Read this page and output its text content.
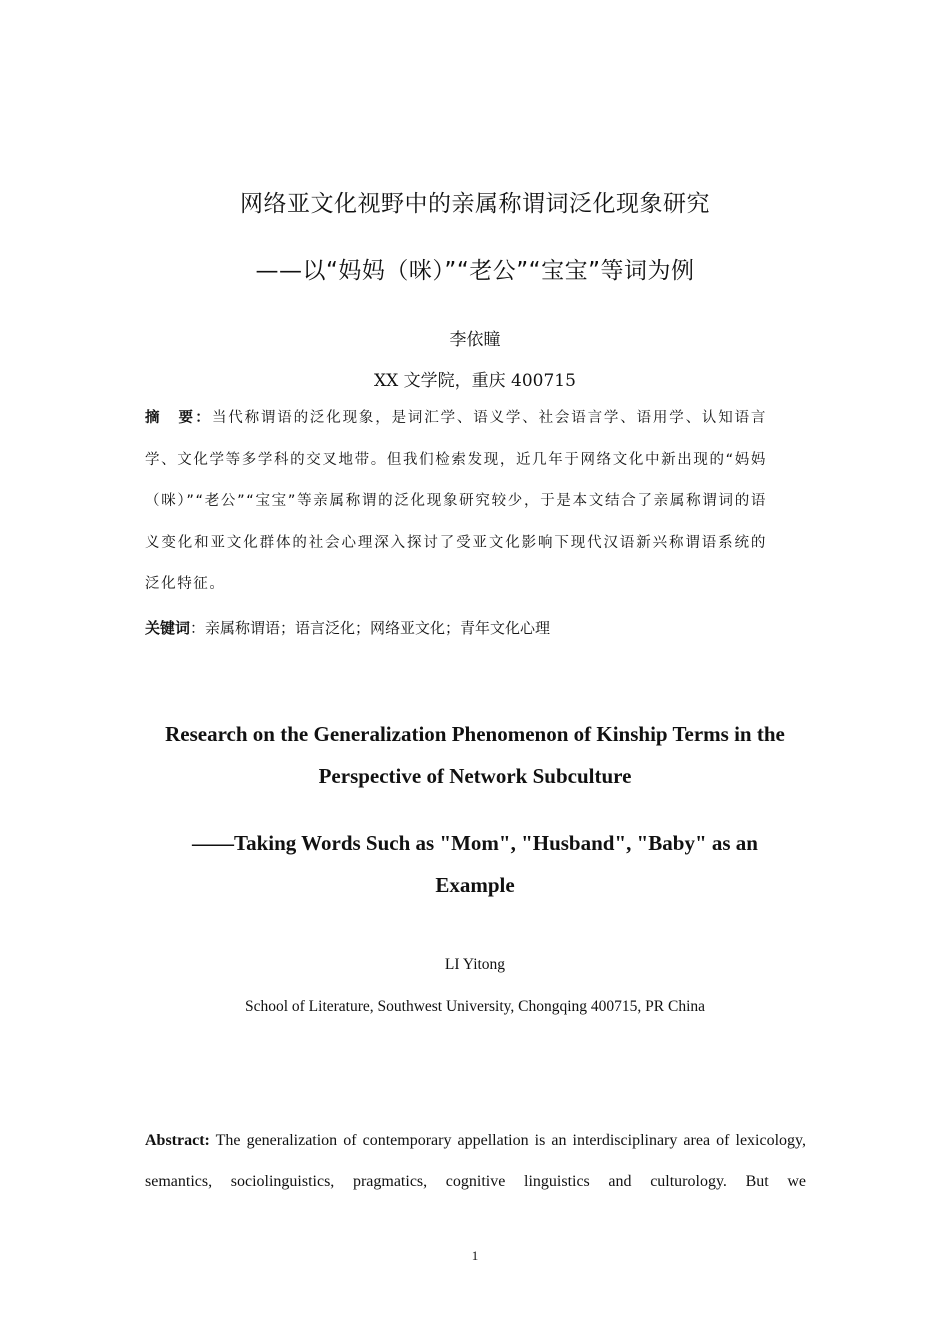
网络亚文化视野中的亲属称谓词泛化现象研究
——以“妈妈（咪）”“老公”“宝宝”等词为例
李依瞳
XX 文学院，重庆 400715
摘　要：当代称谓语的泛化现象，是词汇学、语义学、社会语言学、语用学、认知语言学、文化学等多学科的交叉地带。但我们检索发现，近几年于网络文化中新出现的“妈妈（咪）”“老公”“宝宝”等亲属称谓的泛化现象研究较少，于是本文结合了亲属称谓词的语义变化和亚文化群体的社会心理深入探讨了受亚文化影响下现代汉语新兴称谓语系统的泛化特征。
关键词：亲属称谓语；语言泛化；网络亚文化；青年文化心理
Research on the Generalization Phenomenon of Kinship Terms in the
Perspective of Network Subculture
——Taking Words Such as "Mom", "Husband", "Baby" as an
Example
LI Yitong
School of Literature, Southwest University, Chongqing 400715, PR China
Abstract: The generalization of contemporary appellation is an interdisciplinary area of lexicology, semantics, sociolinguistics, pragmatics, cognitive linguistics and culturology. But we
1
